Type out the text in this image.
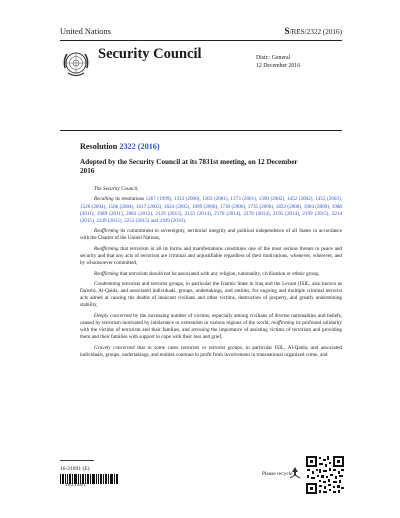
United Nations	S/RES/2322 (2016)
Security Council	Distr.: General
12 December 2016
Resolution 2322 (2016)
Adopted by the Security Council at its 7831st meeting, on 12 December 2016

The Security Council,

Recalling its resolutions 1267 (1999), 1333 (2000), 1363 (2001), 1373 (2001), 1390 (2002), 1452 (2002), 1455 (2003), 1526 (2004), 1566 (2004), 1617 (2005), 1624 (2005), 1699 (2006), 1730 (2006), 1735 (2006), 1822 (2008), 1904 (2009), 1988 (2011), 1989 (2011), 2083 (2012), 2129 (2013), 2133 (2014), 2170 (2014), 2178 (2014), 2195 (2014), 2199 (2015), 2214 (2015), 2249 (2015), 2253 (2015) and 2309 (2016),

Reaffirming its commitment to sovereignty, territorial integrity and political independence of all States in accordance with the Charter of the United Nations,

Reaffirming that terrorism in all its forms and manifestations constitutes one of the most serious threats to peace and security and that any acts of terrorism are criminal and unjustifiable regardless of their motivations, whenever, wherever, and by whomsoever committed,

Reaffirming that terrorism should not be associated with any religion, nationality, civilization or ethnic group,

Condemning terrorists and terrorist groups, in particular the Islamic State in Iraq and the Levant (ISIL, also known as Da'esh), Al-Qaida, and associated individuals, groups, undertakings, and entities, for ongoing and multiple criminal terrorist acts aimed at causing the deaths of innocent civilians and other victims, destruction of property, and greatly undermining stability,

Deeply concerned by the increasing number of victims, especially among civilians of diverse nationalities and beliefs, caused by terrorism motivated by intolerance or extremism in various regions of the world, reaffirming its profound solidarity with the victims of terrorism and their families, and stressing the importance of assisting victims of terrorism and providing them and their families with support to cope with their loss and grief,

Gravely concerned that in some cases terrorists or terrorist groups, in particular ISIL, Al-Qaida, and associated individuals, groups, undertakings, and entities continue to profit from involvement in transnational organized crime, and

16-21891 (E)
*1621891*
Please recycle
